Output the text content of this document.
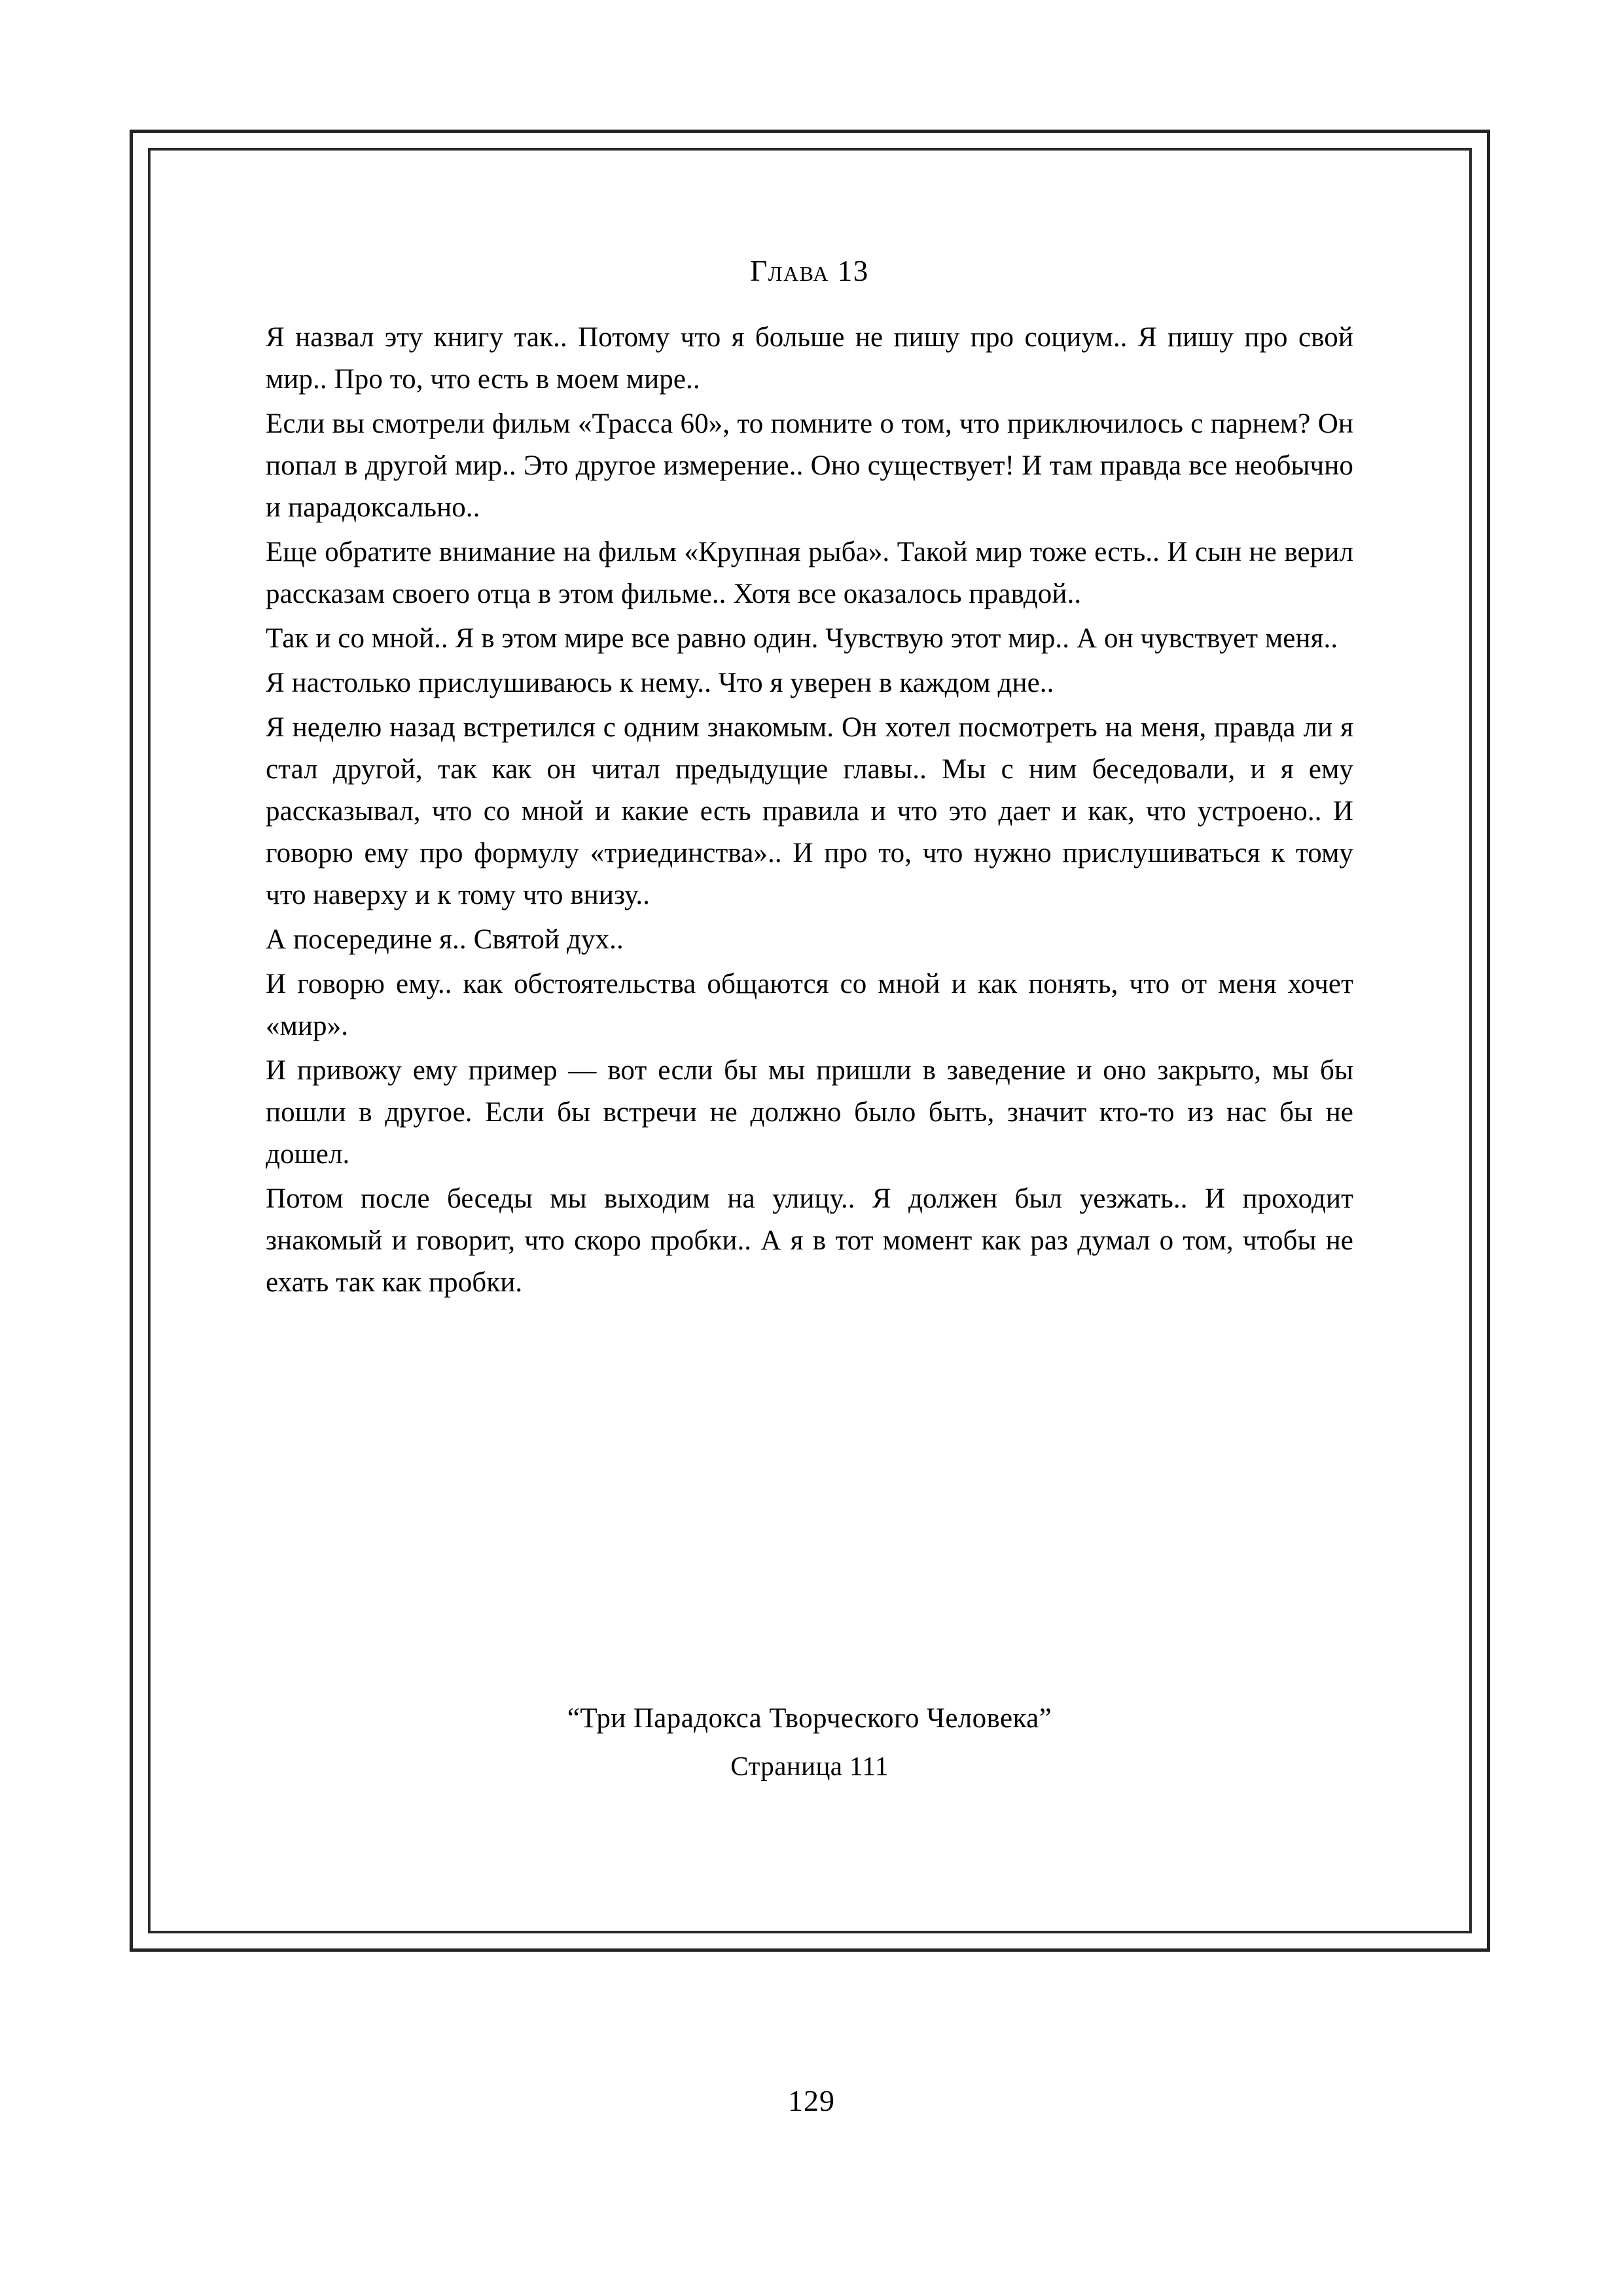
Глава 13

Я назвал эту книгу так.. Потому что я больше не пишу про социум.. Я пишу про свой мир.. Про то, что есть в моем мире..

Если вы смотрели фильм «Трасса 60», то помните о том, что приключилось с парнем? Он попал в другой мир.. Это другое измерение.. Оно существует! И там правда все необычно и парадоксально..

Еще обратите внимание на фильм «Крупная рыба». Такой мир тоже есть.. И сын не верил рассказам своего отца в этом фильме.. Хотя все оказалось правдой..

Так и со мной.. Я в этом мире все равно один. Чувствую этот мир.. А он чувствует меня..

Я настолько прислушиваюсь к нему.. Что я уверен в каждом дне..

Я неделю назад встретился с одним знакомым. Он хотел посмотреть на меня, правда ли я стал другой, так как он читал предыдущие главы.. Мы с ним беседовали, и я ему рассказывал, что со мной и какие есть правила и что это дает и как, что устроено.. И говорю ему про формулу «триединства».. И про то, что нужно прислушиваться к тому что наверху и к тому что внизу..

А посередине я.. Святой дух..

И говорю ему.. как обстоятельства общаются со мной и как понять, что от меня хочет «мир».

И привожу ему пример — вот если бы мы пришли в заведение и оно закрыто, мы бы пошли в другое. Если бы встречи не должно было быть, значит кто-то из нас бы не дошел.

Потом после беседы мы выходим на улицу.. Я должен был уезжать.. И проходит знакомый и говорит, что скоро пробки.. А я в тот момент как раз думал о том, чтобы не ехать так как пробки.

“Три Парадокса Творческого Человека”
Страница 111
129
